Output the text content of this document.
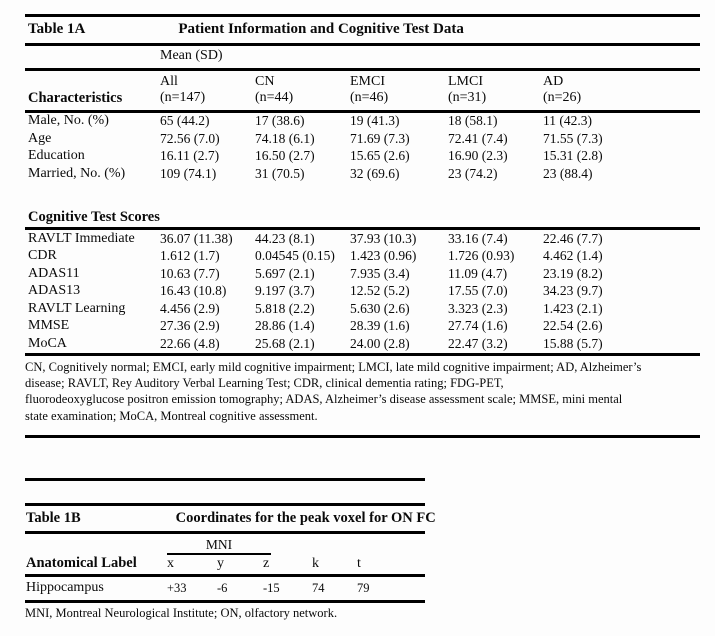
Table 1A Patient Information and Cognitive Test Data					
	Mean (SD)				
	All	CN	EMCI	LMCI	AD
Characteristics	(n=147)	(n=44)	(n=46)	(n=31)	(n=26)
Male, No. (%)	65 (44.2)	17 (38.6)	19 (41.3)	18 (58.1)	11 (42.3)
Age	72.56 (7.0)	74.18 (6.1)	71.69 (7.3)	72.41 (7.4)	71.55 (7.3)
Education	16.11 (2.7)	16.50 (2.7)	15.65 (2.6)	16.90 (2.3)	15.31 (2.8)
Married, No. (%)	109 (74.1)	31 (70.5)	32 (69.6)	23 (74.2)	23 (88.4)

Cognitive Test Scores					
RAVLT Immediate	36.07 (11.38)	44.23 (8.1)	37.93 (10.3)	33.16 (7.4)	22.46 (7.7)
CDR	1.612 (1.7)	0.04545 (0.15)	1.423 (0.96)	1.726 (0.93)	4.462 (1.4)
ADAS11	10.63 (7.7)	5.697 (2.1)	7.935 (3.4)	11.09 (4.7)	23.19 (8.2)
ADAS13	16.43 (10.8)	9.197 (3.7)	12.52 (5.2)	17.55 (7.0)	34.23 (9.7)
RAVLT Learning	4.456 (2.9)	5.818 (2.2)	5.630 (2.6)	3.323 (2.3)	1.423 (2.1)
MMSE	27.36 (2.9)	28.86 (1.4)	28.39 (1.6)	27.74 (1.6)	22.54 (2.6)
MoCA	22.66 (4.8)	25.68 (2.1)	24.00 (2.8)	22.47 (3.2)	15.88 (5.7)
CN, Cognitively normal; EMCI, early mild cognitive impairment; LMCI, late mild cognitive impairment; AD, Alzheimer’s
disease; RAVLT, Rey Auditory Verbal Learning Test; CDR, clinical dementia rating; FDG-PET,
fluorodeoxyglucose positron emission tomography; ADAS, Alzheimer’s disease assessment scale; MMSE, mini mental
state examination; MoCA, Montreal cognitive assessment.
Table 1B Coordinates for the peak voxel for ON FC					

	MNI				

Anatomical Label	x	y	z	k	t
Hippocampus	+33	-6	-15	74	79
MNI, Montreal Neurological Institute; ON, olfactory network.
